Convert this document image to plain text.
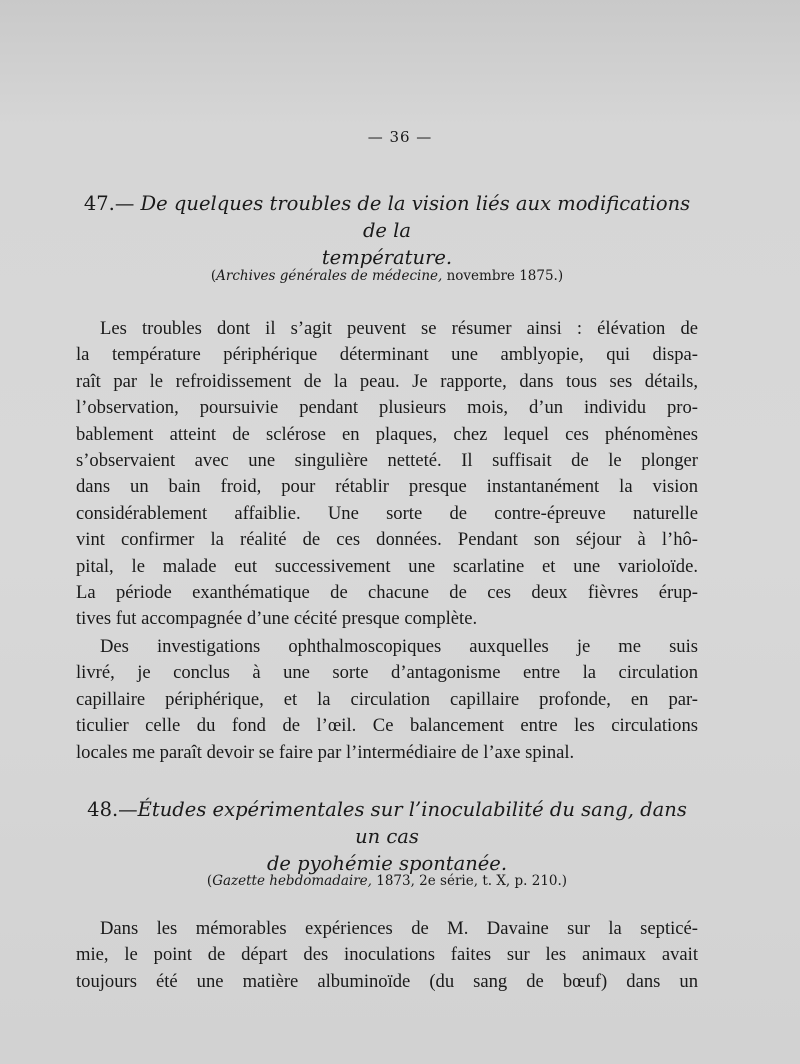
— 36 —
47.— De quelques troubles de la vision liés aux modifications de la
température.
(Archives générales de médecine, novembre 1875.)
Les troubles dont il s’agit peuvent se résumer ainsi : élévation de
la température périphérique déterminant une amblyopie, qui dispa-
raît par le refroidissement de la peau. Je rapporte, dans tous ses détails,
l’observation, poursuivie pendant plusieurs mois, d’un individu pro-
bablement atteint de sclérose en plaques, chez lequel ces phénomènes
s’observaient avec une singulière netteté. Il suffisait de le plonger
dans un bain froid, pour rétablir presque instantanément la vision
considérablement affaiblie. Une sorte de contre-épreuve naturelle
vint confirmer la réalité de ces données. Pendant son séjour à l’hô-
pital, le malade eut successivement une scarlatine et une varioloïde.
La période exanthématique de chacune de ces deux fièvres érup-
tives fut accompagnée d’une cécité presque complète.
Des investigations ophthalmoscopiques auxquelles je me suis
livré, je conclus à une sorte d’antagonisme entre la circulation
capillaire périphérique, et la circulation capillaire profonde, en par-
ticulier celle du fond de l’œil. Ce balancement entre les circulations
locales me paraît devoir se faire par l’intermédiaire de l’axe spinal.
48.—Études expérimentales sur l’inoculabilité du sang, dans un cas
de pyohémie spontanée.
(Gazette hebdomadaire, 1873, 2e série, t. X, p. 210.)
Dans les mémorables expériences de M. Davaine sur la septicé-
mie, le point de départ des inoculations faites sur les animaux avait
toujours été une matière albuminoïde (du sang de bœuf) dans un
